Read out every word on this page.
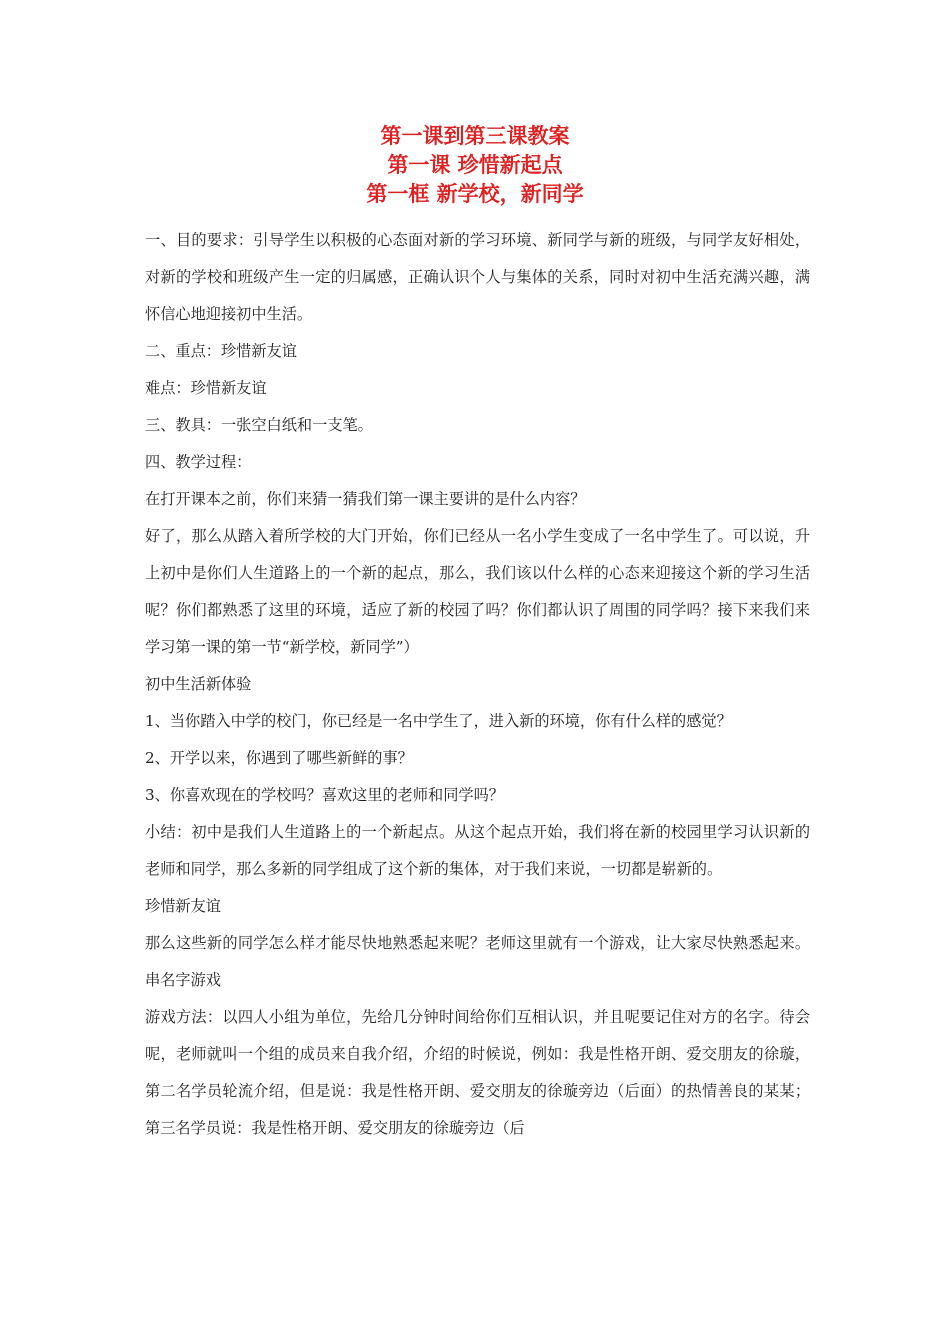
第一课到第三课教案

第一课 珍惜新起点

第一框 新学校，新同学

一、目的要求：引导学生以积极的心态面对新的学习环境、新同学与新的班级，与同学友好相处，对新的学校和班级产生一定的归属感，正确认识个人与集体的关系，同时对初中生活充满兴趣，满怀信心地迎接初中生活。

二、重点：珍惜新友谊

难点：珍惜新友谊

三、教具：一张空白纸和一支笔。

四、教学过程：

在打开课本之前，你们来猜一猜我们第一课主要讲的是什么内容？

好了，那么从踏入着所学校的大门开始，你们已经从一名小学生变成了一名中学生了。可以说，升上初中是你们人生道路上的一个新的起点，那么，我们该以什么样的心态来迎接这个新的学习生活呢？你们都熟悉了这里的环境，适应了新的校园了吗？你们都认识了周围的同学吗？接下来我们来学习第一课的第一节“新学校，新同学”）

初中生活新体验

1、当你踏入中学的校门，你已经是一名中学生了，进入新的环境，你有什么样的感觉？

2、开学以来，你遇到了哪些新鲜的事？

3、你喜欢现在的学校吗？喜欢这里的老师和同学吗？

小结：初中是我们人生道路上的一个新起点。从这个起点开始，我们将在新的校园里学习认识新的老师和同学，那么多新的同学组成了这个新的集体，对于我们来说，一切都是崭新的。

珍惜新友谊

那么这些新的同学怎么样才能尽快地熟悉起来呢？老师这里就有一个游戏，让大家尽快熟悉起来。串名字游戏

游戏方法：以四人小组为单位，先给几分钟时间给你们互相认识，并且呢要记住对方的名字。待会呢，老师就叫一个组的成员来自我介绍，介绍的时候说，例如：我是性格开朗、爱交朋友的徐璇，第二名学员轮流介绍，但是说：我是性格开朗、爱交朋友的徐璇旁边（后面）的热情善良的某某；第三名学员说：我是性格开朗、爱交朋友的徐璇旁边（后
